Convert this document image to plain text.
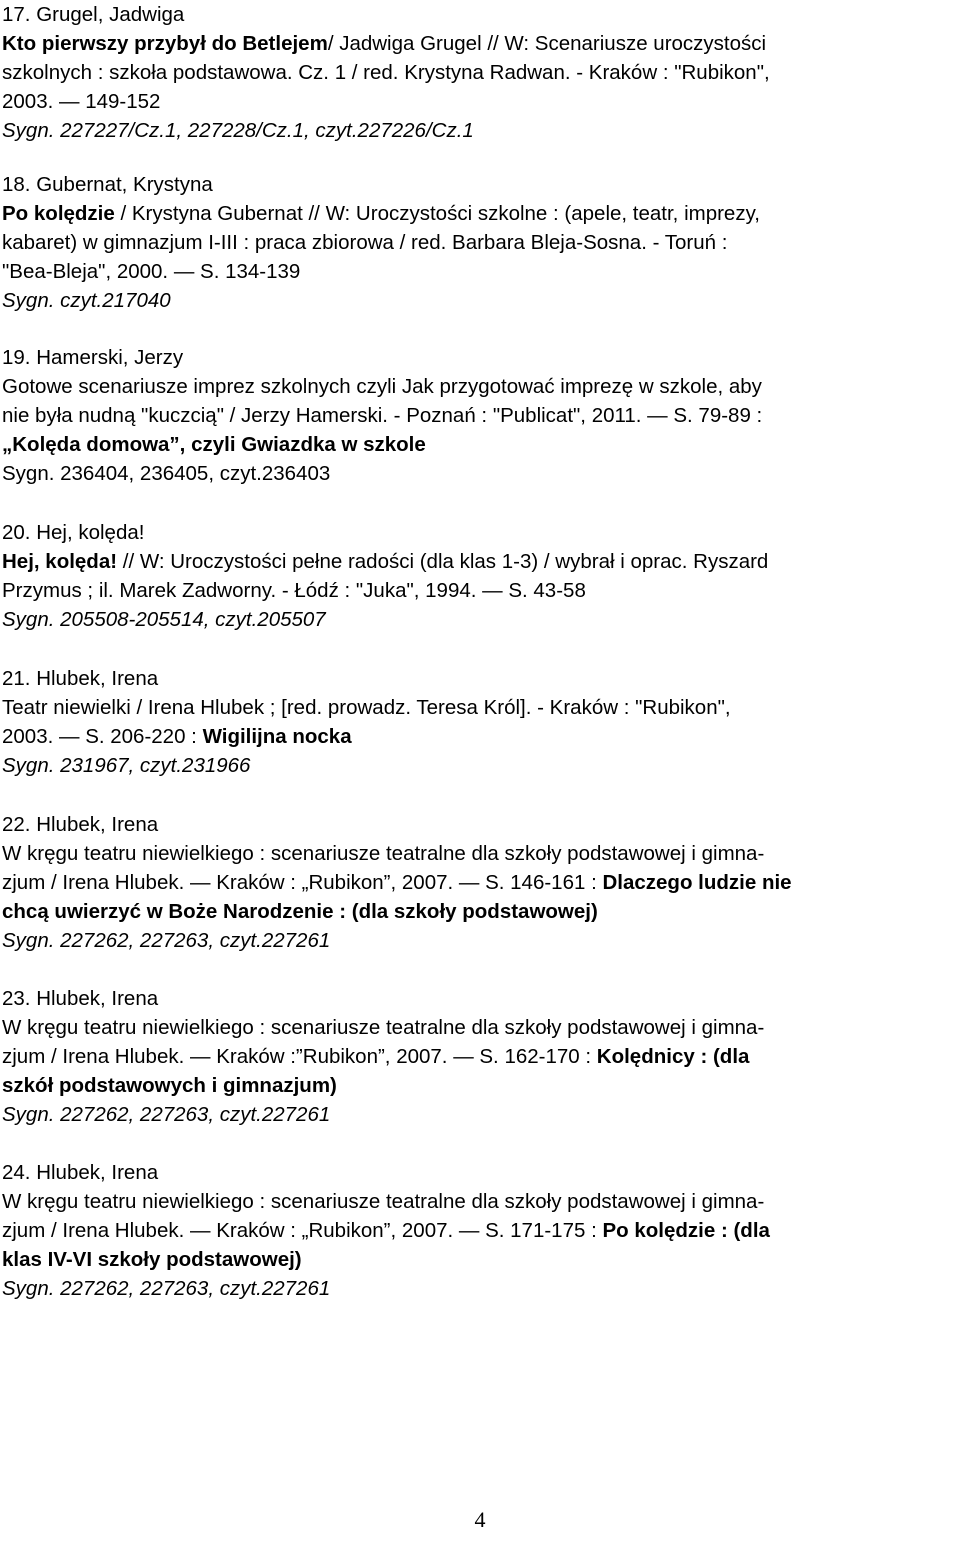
17. Grugel, Jadwiga
Kto pierwszy przybył do Betlejem/ Jadwiga Grugel // W: Scenariusze uroczystości
szkolnych : szkoła podstawowa. Cz. 1 / red. Krystyna Radwan. - Kraków : "Rubikon",
2003. — 149-152
Sygn. 227227/Cz.1, 227228/Cz.1, czyt.227226/Cz.1
18. Gubernat, Krystyna
Po kolędzie / Krystyna Gubernat // W: Uroczystości szkolne : (apele, teatr, imprezy,
kabaret) w gimnazjum I-III : praca zbiorowa / red. Barbara Bleja-Sosna. - Toruń :
"Bea-Bleja", 2000. — S. 134-139
Sygn. czyt.217040
19. Hamerski, Jerzy
Gotowe scenariusze imprez szkolnych czyli Jak przygotować imprezę w szkole, aby
nie była nudną "kuczcią" / Jerzy Hamerski. - Poznań : "Publicat", 2011. — S. 79-89 :
„Kolęda domowa”, czyli Gwiazdka w szkole
Sygn. 236404, 236405, czyt.236403
20. Hej, kolęda!
Hej, kolęda! // W: Uroczystości pełne radości (dla klas 1-3) / wybrał i oprac. Ryszard
Przymus ; il. Marek Zadworny. - Łódź : "Juka", 1994. — S. 43-58
Sygn. 205508-205514, czyt.205507
21. Hlubek, Irena
Teatr niewielki / Irena Hlubek ; [red. prowadz. Teresa Król]. - Kraków : "Rubikon",
2003. — S. 206-220 : Wigilijna nocka
Sygn. 231967, czyt.231966
22. Hlubek, Irena
W kręgu teatru niewielkiego : scenariusze teatralne dla szkoły podstawowej i gimna-
zjum / Irena Hlubek. — Kraków : „Rubikon”, 2007. — S. 146-161 : Dlaczego ludzie nie
chcą uwierzyć w Boże Narodzenie : (dla szkoły podstawowej)
Sygn. 227262, 227263, czyt.227261
23. Hlubek, Irena
W kręgu teatru niewielkiego : scenariusze teatralne dla szkoły podstawowej i gimna-
zjum / Irena Hlubek. — Kraków :”Rubikon”, 2007. — S. 162-170 : Kolędnicy : (dla
szkół podstawowych i gimnazjum)
Sygn. 227262, 227263, czyt.227261
24. Hlubek, Irena
W kręgu teatru niewielkiego : scenariusze teatralne dla szkoły podstawowej i gimna-
zjum / Irena Hlubek. — Kraków : „Rubikon”, 2007. — S. 171-175 : Po kolędzie : (dla
klas IV-VI szkoły podstawowej)
Sygn. 227262, 227263, czyt.227261
4
